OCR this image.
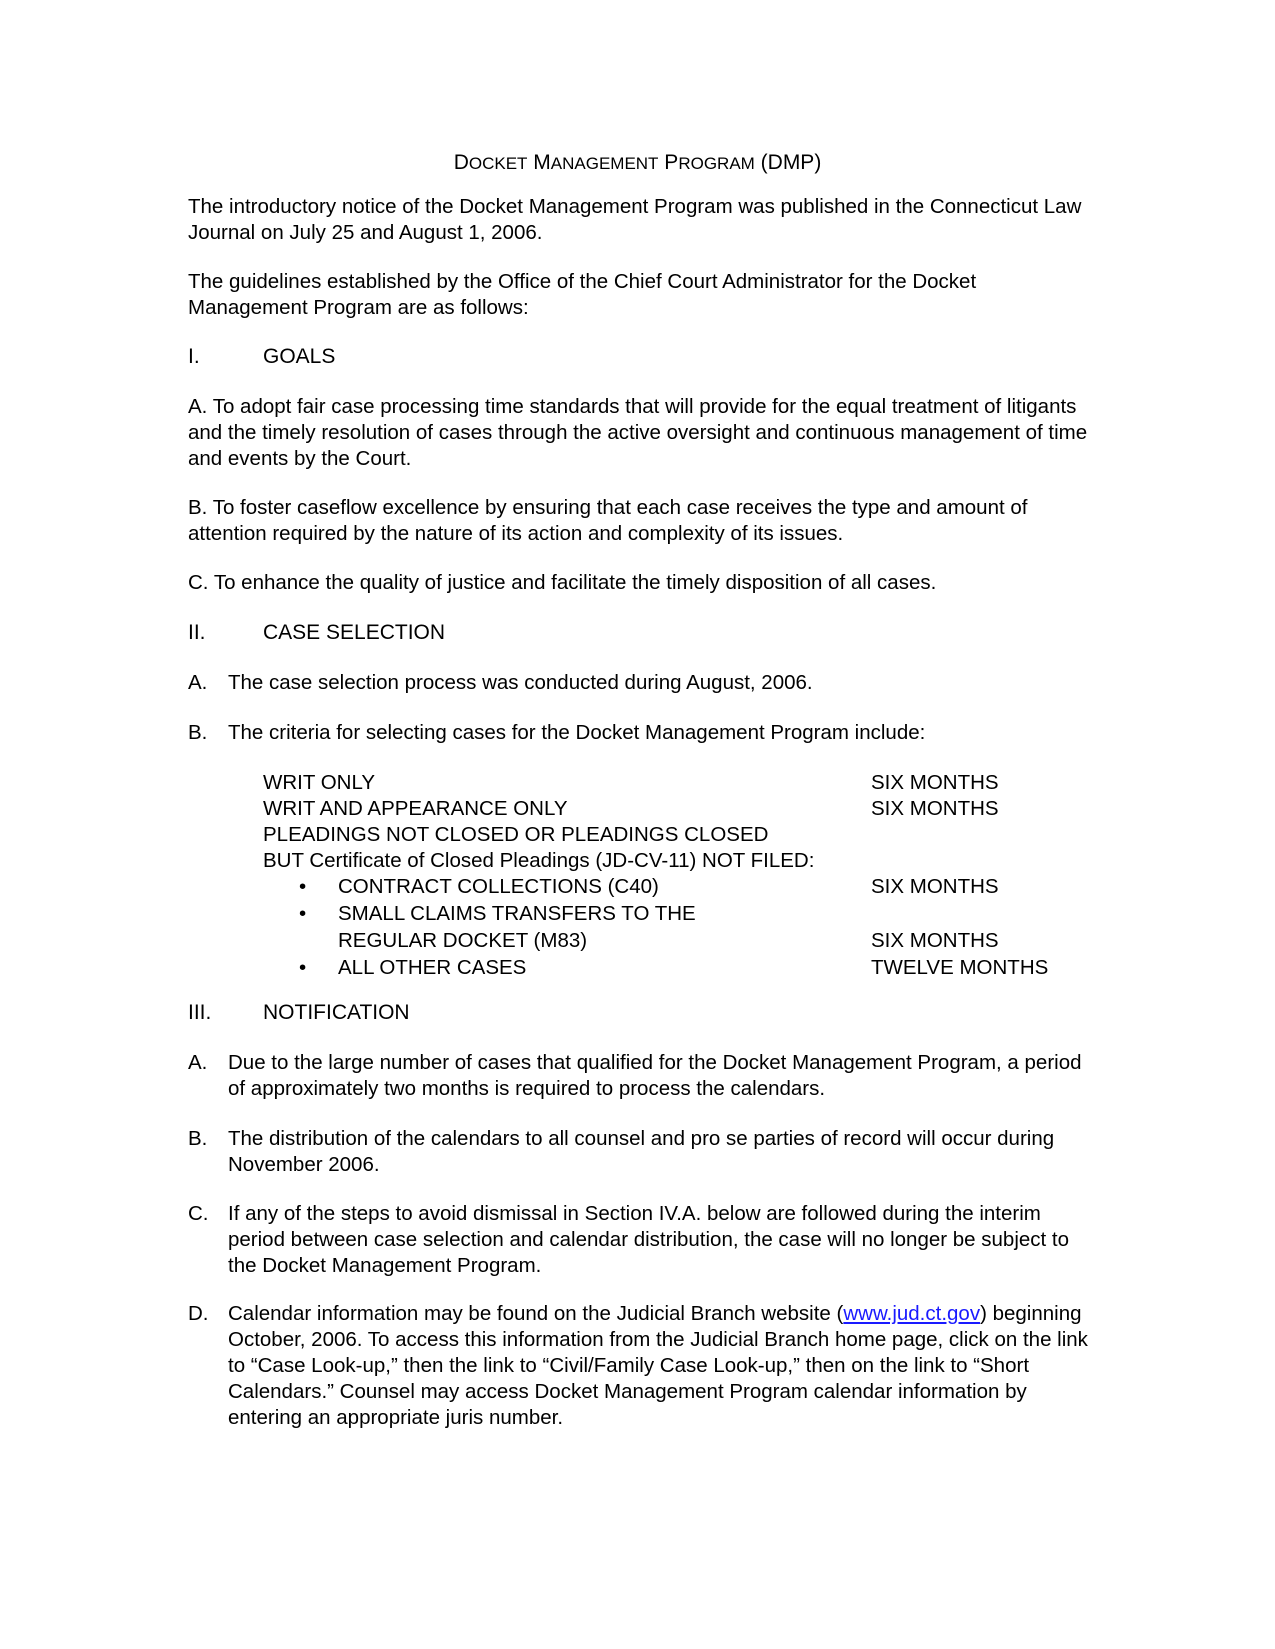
DOCKET MANAGEMENT PROGRAM (DMP)

The introductory notice of the Docket Management Program was published in the Connecticut Law Journal on July 25 and August 1, 2006.

The guidelines established by the Office of the Chief Court Administrator for the Docket Management Program are as follows:

I.	GOALS

A. To adopt fair case processing time standards that will provide for the equal treatment of litigants and the timely resolution of cases through the active oversight and continuous management of time and events by the Court.

B. To foster caseflow excellence by ensuring that each case receives the type and amount of attention required by the nature of its action and complexity of its issues.

C. To enhance the quality of justice and facilitate the timely disposition of all cases.

II.	CASE SELECTION
A. The case selection process was conducted during August, 2006.
B. The criteria for selecting cases for the Docket Management Program include:
WRIT ONLY	SIX MONTHS
WRIT AND APPEARANCE ONLY	SIX MONTHS
PLEADINGS NOT CLOSED OR PLEADINGS CLOSED
BUT Certificate of Closed Pleadings (JD-CV-11) NOT FILED:
• CONTRACT COLLECTIONS (C40)	SIX MONTHS
• SMALL CLAIMS TRANSFERS TO THE
REGULAR DOCKET (M83)	SIX MONTHS
• ALL OTHER CASES	TWELVE MONTHS
III. NOTIFICATION
A. Due to the large number of cases that qualified for the Docket Management Program, a period of approximately two months is required to process the calendars.
B. The distribution of the calendars to all counsel and pro se parties of record will occur during November 2006.
C. If any of the steps to avoid dismissal in Section IV.A. below are followed during the interim period between case selection and calendar distribution, the case will no longer be subject to the Docket Management Program.
D. Calendar information may be found on the Judicial Branch website (www.jud.ct.gov) beginning October, 2006. To access this information from the Judicial Branch home page, click on the link to “Case Look-up,” then the link to “Civil/Family Case Look-up,” then on the link to “Short Calendars.” Counsel may access Docket Management Program calendar information by entering an appropriate juris number.
